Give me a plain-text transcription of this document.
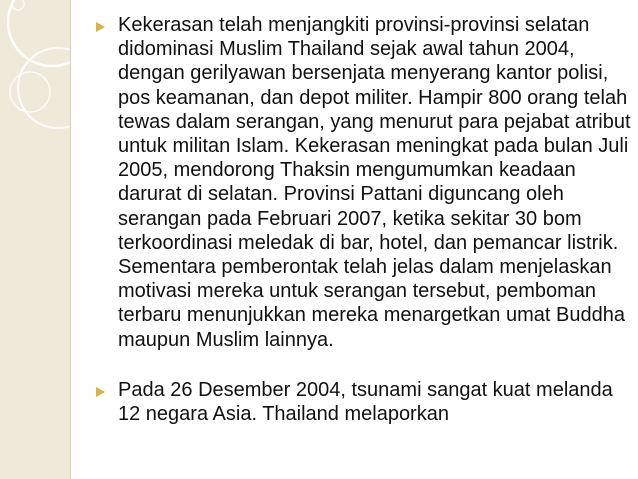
Kekerasan telah menjangkiti provinsi-provinsi selatan didominasi Muslim Thailand sejak awal tahun 2004, dengan gerilyawan bersenjata menyerang kantor polisi, pos keamanan, dan depot militer. Hampir 800 orang telah tewas dalam serangan, yang menurut para pejabat atribut untuk militan Islam. Kekerasan meningkat pada bulan Juli 2005, mendorong Thaksin mengumumkan keadaan darurat di selatan. Provinsi Pattani diguncang oleh serangan pada Februari 2007, ketika sekitar 30 bom terkoordinasi meledak di bar, hotel, dan pemancar listrik. Sementara pemberontak telah jelas dalam menjelaskan motivasi mereka untuk serangan tersebut, pemboman terbaru menunjukkan mereka menargetkan umat Buddha maupun Muslim lainnya.

Pada 26 Desember 2004, tsunami sangat kuat melanda 12 negara Asia. Thailand melaporkan
